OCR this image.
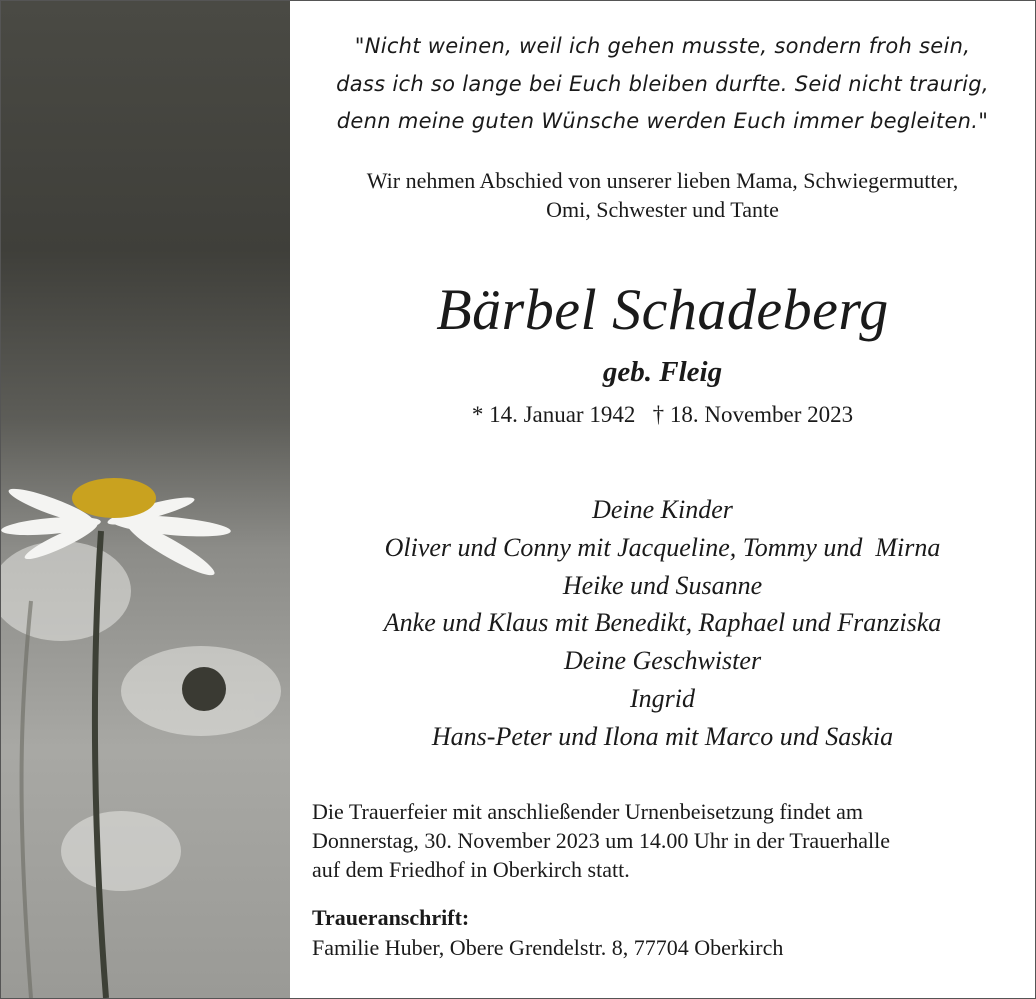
"Nicht weinen, weil ich gehen musste, sondern froh sein,
dass ich so lange bei Euch bleiben durfte. Seid nicht traurig,
denn meine guten Wünsche werden Euch immer begleiten."
Wir nehmen Abschied von unserer lieben Mama, Schwiegermutter,
Omi, Schwester und Tante
Bärbel Schadeberg
geb. Fleig
* 14. Januar 1942   † 18. November 2023
Deine Kinder
Oliver und Conny mit Jacqueline, Tommy und  Mirna
Heike und Susanne
Anke und Klaus mit Benedikt, Raphael und Franziska
Deine Geschwister
Ingrid
Hans-Peter und Ilona mit Marco und Saskia
Die Trauerfeier mit anschließender Urnenbeisetzung findet am
Donnerstag, 30. November 2023 um 14.00 Uhr in der Trauerhalle
auf dem Friedhof in Oberkirch statt.
Traueranschrift:
Familie Huber, Obere Grendelstr. 8, 77704 Oberkirch
